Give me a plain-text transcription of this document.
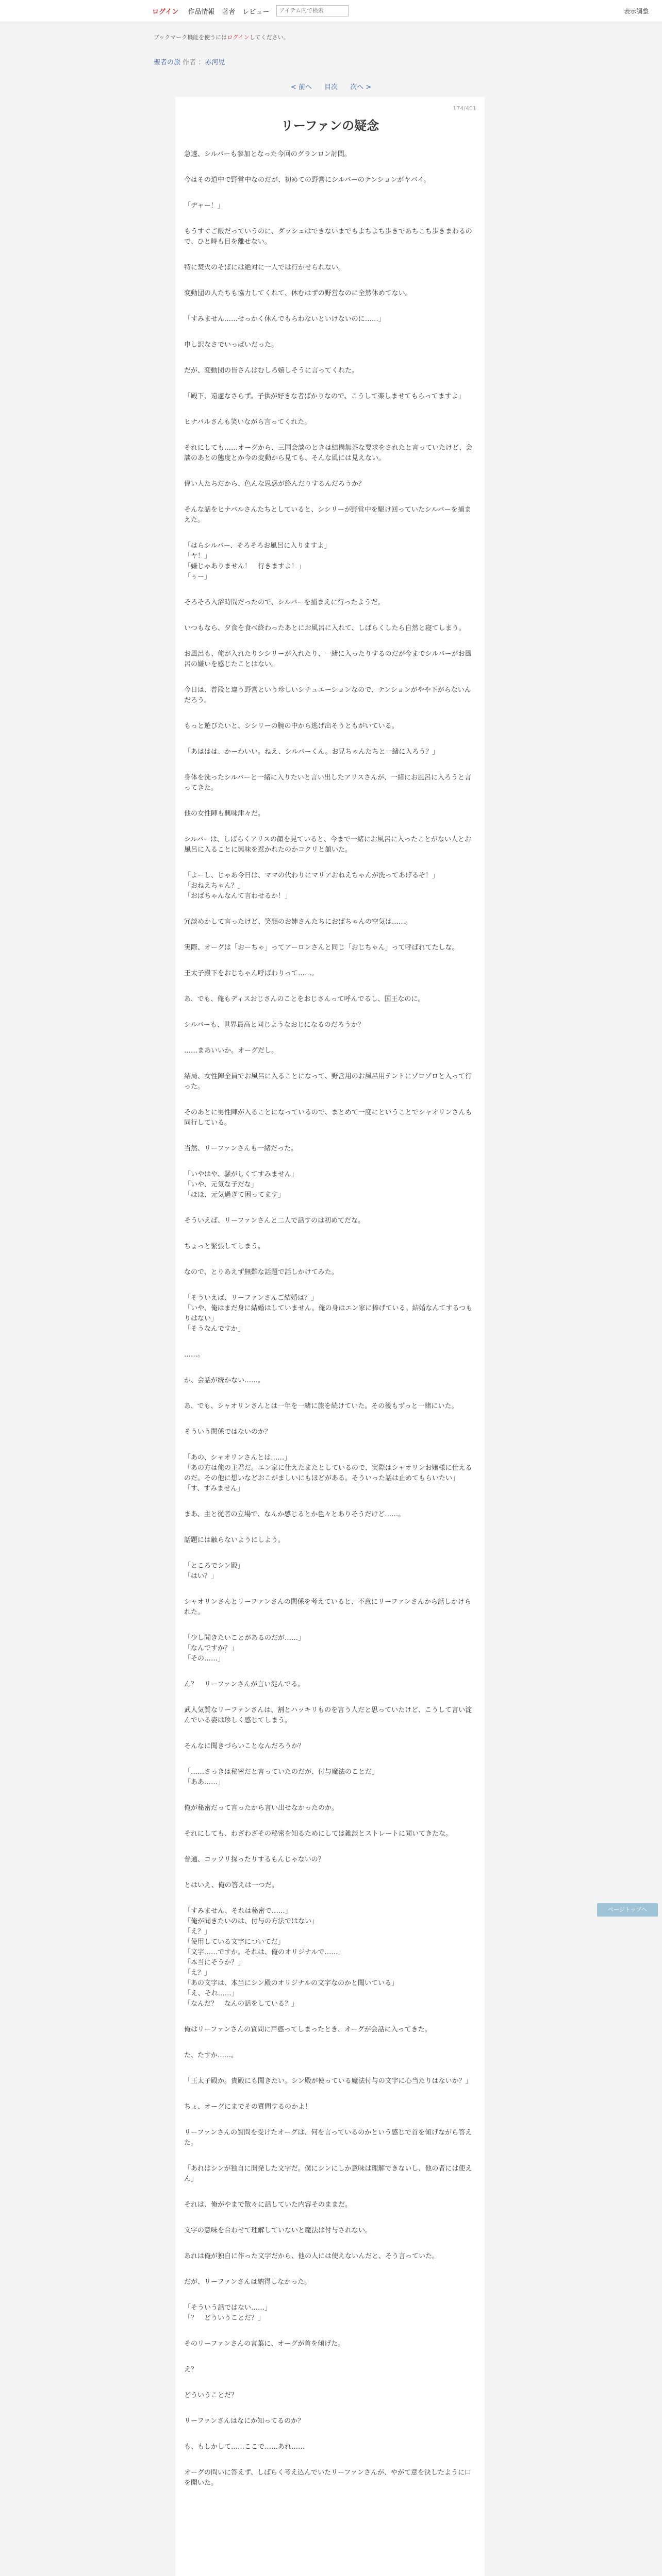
ログイン 作品情報 著者 レビュー
アイテム内で検索	表示調整
ブックマーク機能を使うにはログインしてください。
聖者の旅 作者 ：赤河児
< 前へ 目次 次へ >
174/401
リーファンの疑念

急遽、シルバーも参加となった今回のグランロン討問。

今はその道中で野営中なのだが、初めての野営にシルバーのテンションがヤバイ。

「ヂャー！」

もうすぐご飯だっていうのに、ダッシュはできないまでもよちよち歩きであちこち歩きまわるので、ひと時も目を離せない。

特に焚火のそばには絶対に一人では行かせられない。

変動団の人たちも協力してくれて、休むはずの野営なのに全然休めてない。

「すみません……せっかく休んでもらわないといけないのに……」

申し訳なさでいっぱいだった。

だが、変動団の皆さんはむしろ嬉しそうに言ってくれた。

「殿下、遠慮なさらず。子供が好きな者ばかりなので、こうして楽しませてもらってますよ」

ヒナバルさんも笑いながら言ってくれた。

それにしても……オーグから、三国会談のときは結構無茶な要求をされたと言っていたけど、会談のあとの態度とか今の変動から見ても、そんな風には見えない。

偉い人たちだから、色んな思惑が絡んだりするんだろうか？

そんな話をヒナバルさんたちとしていると、シシリーが野営中を駆け回っていたシルバーを捕まえた。

「はらシルバー、そろそろお風呂に入りますよ」
「ヤ！」
「嫌じゃありません！　行きますよ！」
「ぅー」

そろそろ入浴時間だったので、シルバーを捕まえに行ったようだ。

いつもなら、夕食を食べ終わったあとにお風呂に入れて、しばらくしたら自然と寝てしまう。

お風呂も、俺が入れたりシシリーが入れたり、一緒に入ったりするのだが今までシルバーがお風呂の嫌いを感じたことはない。

今日は、普段と違う野営という珍しいシチュエーションなので、テンションがやや下がらないんだろう。

もっと遊びたいと、シシリーの腕の中から逃げ出そうともがいている。

「あははは、かーわいい。ねえ、シルバーくん。お兄ちゃんたちと一緒に入ろう？」

身体を洗ったシルバーと一緒に入りたいと言い出したアリスさんが、一緒にお風呂に入ろうと言ってきた。

他の女性陣も興味津々だ。

シルバーは、しばらくアリスの顔を見ていると、今まで一緒にお風呂に入ったことがない人とお風呂に入ることに興味を惹かれたのかコクリと頷いた。

「よーし、じゃあ今日は、ママの代わりにマリアおねえちゃんが洗ってあげるぞ！」
「おねえちゃん？」
「おばちゃんなんて言わせるか！」

冗談めかして言ったけど、笑顔のお姉さんたちにおばちゃんの空気は……。

実際、オーグは「おーちゃ」ってアーロンさんと同じ「おじちゃん」って呼ばれてたしな。

王太子殿下をおじちゃん呼ばわりって……。

あ、でも、俺もディスおじさんのことをおじさんって呼んでるし、国王なのに。

シルバーも、世界最高と同じようなおじになるのだろうか？

……まあいいか。オーグだし。

結局、女性陣全員でお風呂に入ることになって、野営用のお風呂用テントにゾロゾロと入って行った。

そのあとに男性陣が入ることになっているので、まとめて一度にということでシャオリンさんも同行している。

当然、リーファンさんも一緒だった。

「いやはや、騒がしくてすみません」
「いや、元気な子だな」
「ほほ、元気過ぎて困ってます」

そういえば、リーファンさんと二人で話すのは初めてだな。

ちょっと緊張してしまう。

なので、とりあえず無難な話題で話しかけてみた。

「そういえば、リーファンさんご結婚は？」
「いや、俺はまだ身に結婚はしていません。俺の身はエン家に捧げている。結婚なんてするつもりはない」
「そうなんですか」

……。

か、会話が続かない……。

あ、でも、シャオリンさんとは一年を一緒に旅を続けていた。その後もずっと一緒にいた。

そういう関係ではないのか？

「あの、シャオリンさんとは……」
「あの方は俺の主君だ。エン家に仕えたまたとしているので、実際はシャオリンお嬢様に仕えるのだ。その他に想いなどおこがましいにもほどがある。そういった話は止めてもらいたい」
「す、すみません」

まあ、主と従者の立場で、なんか感じるとか色々とありそうだけど……。

話題には触らないようにしよう。

「ところでシン殿」
「はい？」

シャオリンさんとリーファンさんの関係を考えていると、不意にリーファンさんから話しかけられた。

「少し聞きたいことがあるのだが……」
「なんですか？」
「その……」

ん？　リーファンさんが言い淀んでる。

武人気質なリーファンさんは、割とハッキリものを言う人だと思っていたけど、こうして言い淀んでいる姿は珍しく感じてしまう。

そんなに聞きづらいことなんだろうか？

「……さっきは秘密だと言っていたのだが、付与魔法のことだ」
「ああ……」

俺が秘密だって言ったから言い出せなかったのか。

それにしても、わざわざその秘密を知るためにしては雑談とストレートに聞いてきたな。

普通、コッソリ探ったりするもんじゃないの？

とはいえ、俺の答えは一つだ。

「すみません、それは秘密で……」
「俺が聞きたいのは、付与の方法ではない」
「え？」
「使用している文字についてだ」
「文字……ですか。それは、俺のオリジナルで……」
「本当にそうか？」
「え？」
「あの文字は、本当にシン殿のオリジナルの文字なのかと聞いている」
「え、それ……」
「なんだ？　なんの話をしている？」

俺はリーファンさんの質問に戸惑ってしまったとき、オーグが会話に入ってきた。

た、たすか……。

「王太子殿か。貴殿にも聞きたい。シン殿が使っている魔法付与の文字に心当たりはないか？」

ちょ、オーグにまでその質問するのかよ！

リーファンさんの質問を受けたオーグは、何を言っているのかという感じで首を傾げながら答えた。

「あれはシンが独自に開発した文字だ。僕にシンにしか意味は理解できないし、他の者には使えん」

それは、俺がやまで散々に話していた内容そのままだ。

文字の意味を合わせて理解していないと魔法は付与されない。

あれは俺が独自に作った文字だから、他の人には使えないんだと、そう言っていた。

だが、リーファンさんは納得しなかった。

「そういう話ではない……」
「？　どういうことだ？」

そのリーファンさんの言葉に、オーグが首を傾げた。

え？

どういうことだ？

リーファンさんはなにか知ってるのか？

も、もしかして……ここで……あれ……

オーグの問いに答えず、しばらく考え込んでいたリーファンさんが、やがて意を決したように口を開いた。

ページトップへ
